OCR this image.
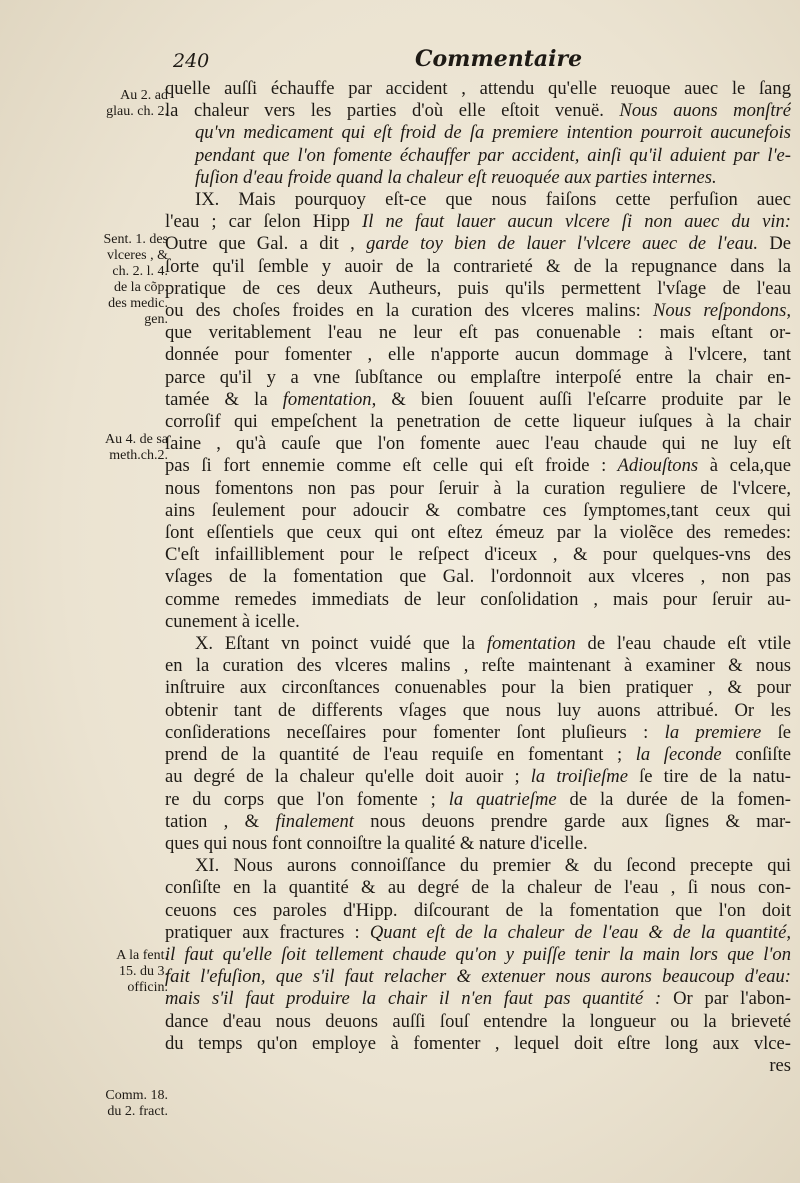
240	Commentaire
Au 2. ad
glau. ch. 2.
Sent. 1. des
vlceres , &
ch. 2. l. 4.
de la cõp.
des medic.
gen.
Au 4. de sa
meth.ch.2.
A la fent.
15. du 3.
officin.
Comm. 18.
du 2. fract.
quelle auſſi échauffe par accident , attendu qu'elle reuoque auec le ſang
la chaleur vers les parties d'où elle eſtoit venuë. Nous auons monſtré
qu'vn medicament qui eſt froid de ſa premiere intention pourroit aucunefois
pendant que l'on fomente échauffer par accident, ainſi qu'il aduient par l'e-
fuſion d'eau froide quand la chaleur eſt reuoquée aux parties internes.
IX. Mais pourquoy eſt-ce que nous faiſons cette perfuſion auec
l'eau ; car ſelon Hipp Il ne faut lauer aucun vlcere ſi non auec du vin:
Outre que Gal. a dit , garde toy bien de lauer l'vlcere auec de l'eau. De
ſorte qu'il ſemble y auoir de la contrarieté & de la repugnance dans la
pratique de ces deux Autheurs, puis qu'ils permettent l'vſage de l'eau
ou des choſes froides en la curation des vlceres malins: Nous reſpondons,
que veritablement l'eau ne leur eſt pas conuenable : mais eſtant or-
donnée pour fomenter , elle n'apporte aucun dommage à l'vlcere, tant
parce qu'il y a vne ſubſtance ou emplaſtre interpoſé entre la chair en-
tamée & la fomentation, & bien ſouuent auſſi l'eſcarre produite par le
corroſif qui empeſchent la penetration de cette liqueur iuſques à la chair
ſaine , qu'à cauſe que l'on fomente auec l'eau chaude qui ne luy eſt
pas ſi fort ennemie comme eſt celle qui eſt froide : Adiouſtons à cela,que
nous fomentons non pas pour ſeruir à la curation reguliere de l'vlcere,
ains ſeulement pour adoucir & combatre ces ſymptomes,tant ceux qui
ſont eſſentiels que ceux qui ont eſtez émeuz par la violẽce des remedes:
C'eſt infailliblement pour le reſpect d'iceux , & pour quelques-vns des
vſages de la fomentation que Gal. l'ordonnoit aux vlceres , non pas
comme remedes immediats de leur conſolidation , mais pour ſeruir au-
cunement à icelle.
X. Eſtant vn poinct vuidé que la fomentation de l'eau chaude eſt vtile
en la curation des vlceres malins , reſte maintenant à examiner & nous
inſtruire aux circonſtances conuenables pour la bien pratiquer , & pour
obtenir tant de differents vſages que nous luy auons attribué. Or les
conſiderations neceſſaires pour fomenter ſont pluſieurs : la premiere ſe
prend de la quantité de l'eau requiſe en fomentant ; la ſeconde conſiſte
au degré de la chaleur qu'elle doit auoir ; la troiſieſme ſe tire de la natu-
re du corps que l'on fomente ; la quatrieſme de la durée de la fomen-
tation , & finalement nous deuons prendre garde aux ſignes & mar-
ques qui nous font connoiſtre la qualité & nature d'icelle.
XI. Nous aurons connoiſſance du premier & du ſecond precepte qui
conſiſte en la quantité & au degré de la chaleur de l'eau , ſi nous con-
ceuons ces paroles d'Hipp. diſcourant de la fomentation que l'on doit
pratiquer aux fractures : Quant eſt de la chaleur de l'eau & de la quantité,
il faut qu'elle ſoit tellement chaude qu'on y puiſſe tenir la main lors que l'on
fait l'efuſion, que s'il faut relacher & extenuer nous aurons beaucoup d'eau:
mais s'il faut produire la chair il n'en faut pas quantité : Or par l'abon-
dance d'eau nous deuons auſſi ſouſ entendre la longueur ou la brieveté
du temps qu'on employe à fomenter , lequel doit eſtre long aux vlce-
res
